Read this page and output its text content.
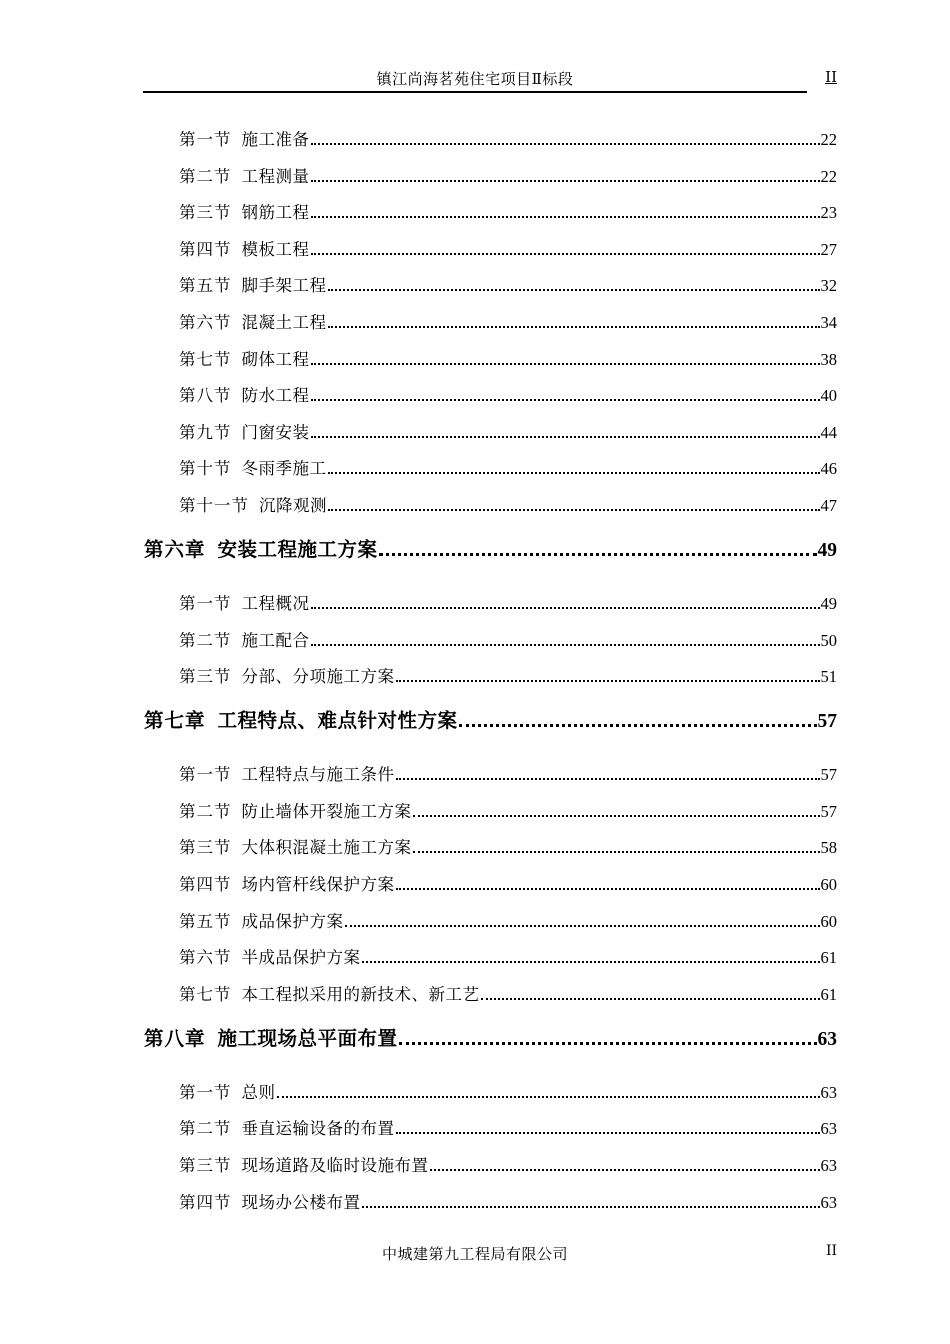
镇江尚海茗苑住宅项目Ⅱ标段	II
第一节 施工准备	22
第二节 工程测量	22
第三节 钢筋工程	23
第四节 模板工程	27
第五节 脚手架工程	32
第六节 混凝土工程	34
第七节 砌体工程	38
第八节 防水工程	40
第九节 门窗安装	44
第十节 冬雨季施工	46
第十一节 沉降观测	47
第六章 安装工程施工方案	49
第一节 工程概况	49
第二节 施工配合	50
第三节 分部、分项施工方案	51
第七章 工程特点、难点针对性方案	57
第一节 工程特点与施工条件	57
第二节 防止墙体开裂施工方案	57
第三节 大体积混凝土施工方案	58
第四节 场内管杆线保护方案	60
第五节 成品保护方案	60
第六节 半成品保护方案	61
第七节 本工程拟采用的新技术、新工艺	61
第八章 施工现场总平面布置	63
第一节 总则	63
第二节 垂直运输设备的布置	63
第三节 现场道路及临时设施布置	63
第四节 现场办公楼布置	63
中城建第九工程局有限公司	II
